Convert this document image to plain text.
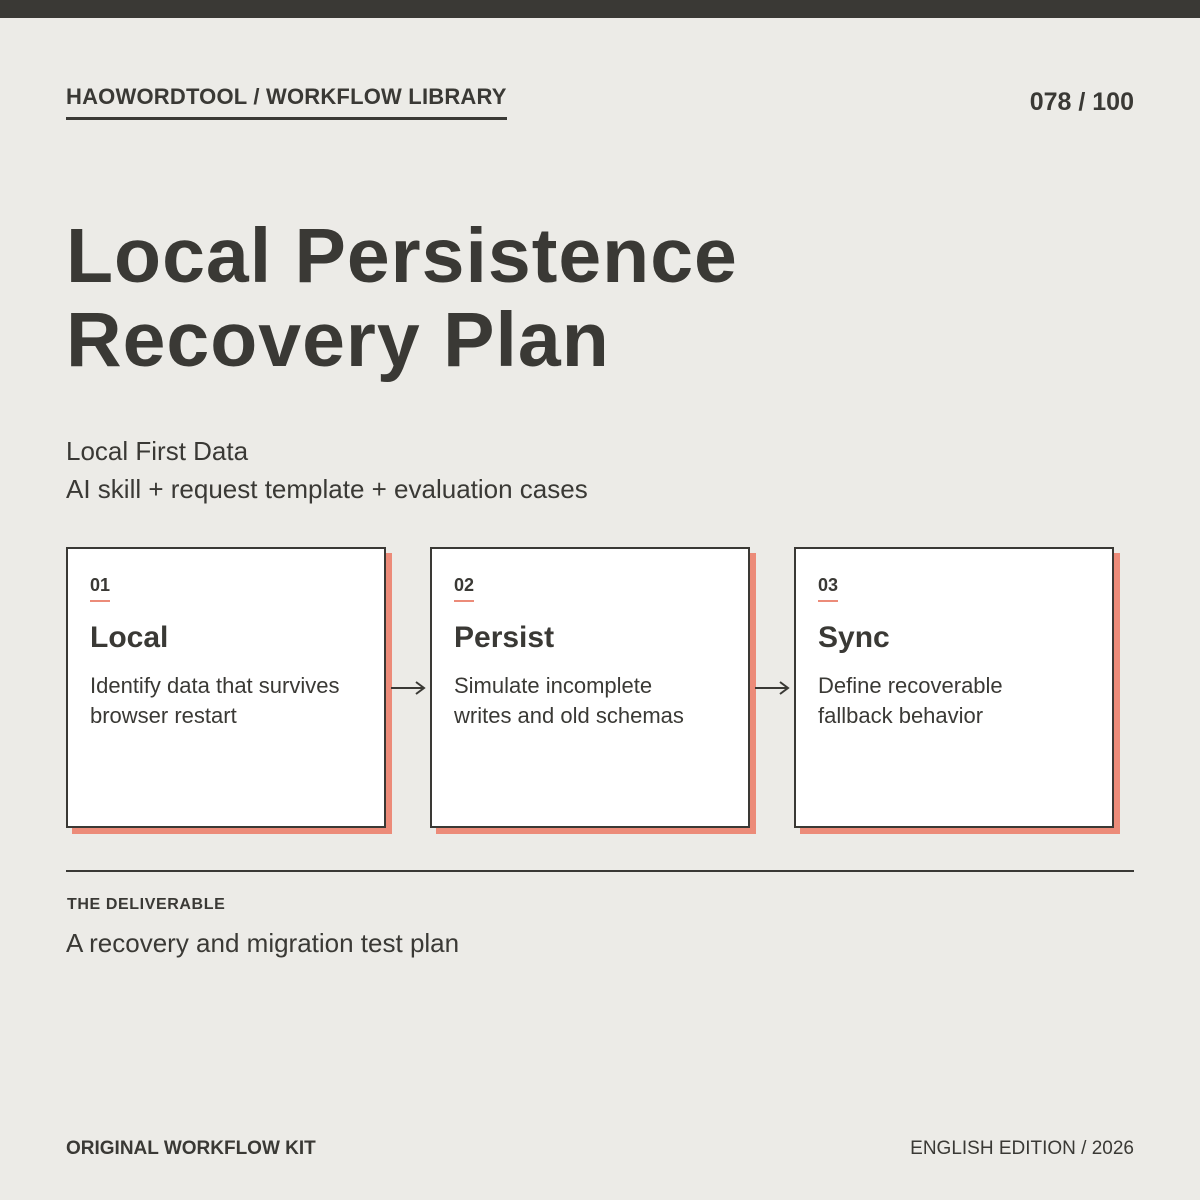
HAOWORDTOOL / WORKFLOW LIBRARY	078 / 100
Local Persistence
Recovery Plan
Local First Data
AI skill + request template + evaluation cases
01
Local
Identify data that survives
browser restart
02
Persist
Simulate incomplete
writes and old schemas
03
Sync
Define recoverable
fallback behavior
THE DELIVERABLE
A recovery and migration test plan
ORIGINAL WORKFLOW KIT	ENGLISH EDITION / 2026
